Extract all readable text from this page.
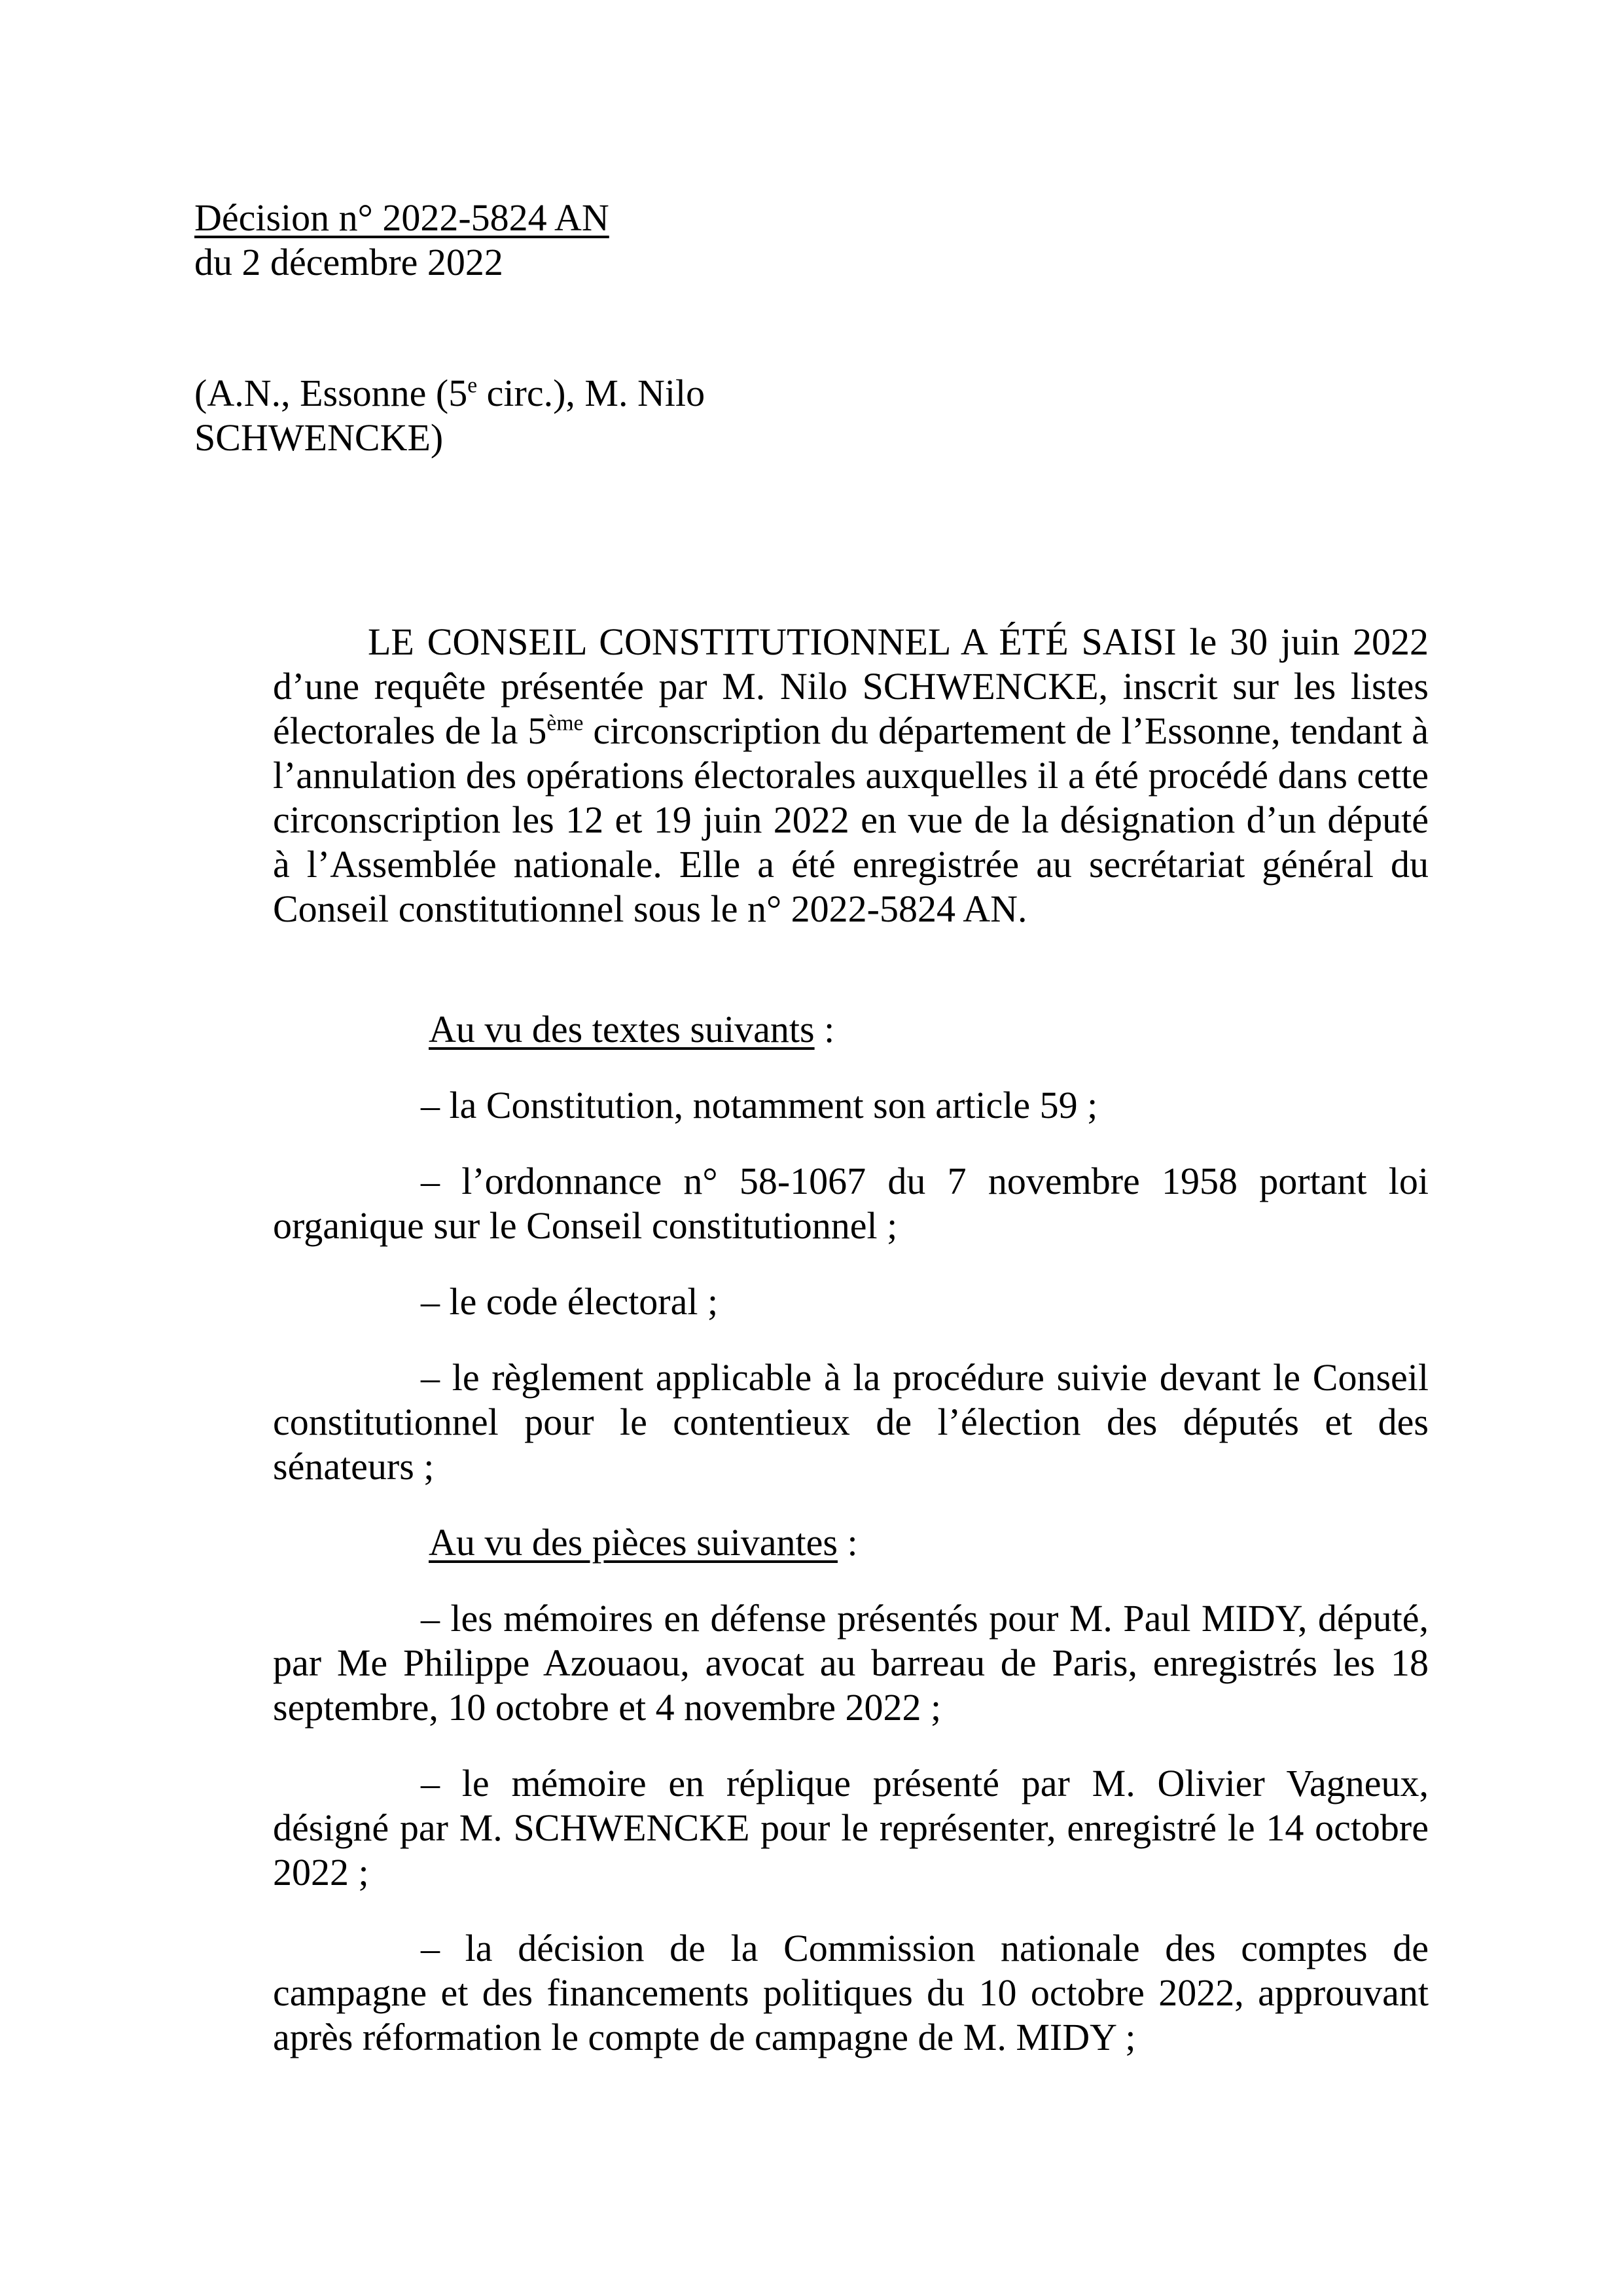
Décision n° 2022-5824 AN
du 2 décembre 2022
(A.N., Essonne (5e circ.), M. Nilo
SCHWENCKE)

LE CONSEIL CONSTITUTIONNEL A ÉTÉ SAISI le 30 juin 2022 d’une requête présentée par M. Nilo SCHWENCKE, inscrit sur les listes électorales de la 5ème circonscription du département de l’Essonne, tendant à l’annulation des opérations électorales auxquelles il a été procédé dans cette circonscription les 12 et 19 juin 2022 en vue de la désignation d’un député à l’Assemblée nationale. Elle a été enregistrée au secrétariat général du Conseil constitutionnel sous le n° 2022-5824 AN.

Au vu des textes suivants :

– la Constitution, notamment son article 59 ;

– l’ordonnance n° 58-1067 du 7 novembre 1958 portant loi organique sur le Conseil constitutionnel ;

– le code électoral ;

– le règlement applicable à la procédure suivie devant le Conseil constitutionnel pour le contentieux de l’élection des députés et des sénateurs ;

Au vu des pièces suivantes :

– les mémoires en défense présentés pour M. Paul MIDY, député, par Me Philippe Azouaou, avocat au barreau de Paris, enregistrés les 18 septembre, 10 octobre et 4 novembre 2022 ;

– le mémoire en réplique présenté par M. Olivier Vagneux, désigné par M. SCHWENCKE pour le représenter, enregistré le 14 octobre 2022 ;

– la décision de la Commission nationale des comptes de campagne et des financements politiques du 10 octobre 2022, approuvant après réformation le compte de campagne de M. MIDY ;
